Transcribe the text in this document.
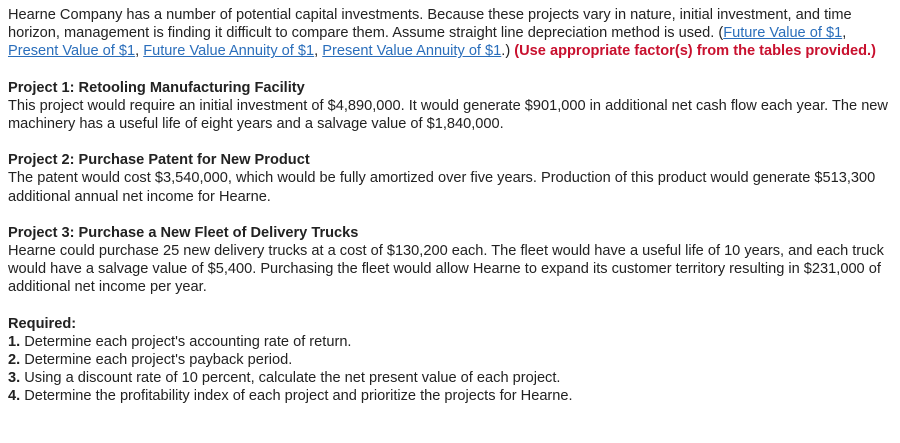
Hearne Company has a number of potential capital investments. Because these projects vary in nature, initial investment, and time horizon, management is finding it difficult to compare them. Assume straight line depreciation method is used. (Future Value of $1, Present Value of $1, Future Value Annuity of $1, Present Value Annuity of $1.) (Use appropriate factor(s) from the tables provided.)

Project 1: Retooling Manufacturing Facility

This project would require an initial investment of $4,890,000. It would generate $901,000 in additional net cash flow each year. The new machinery has a useful life of eight years and a salvage value of $1,840,000.

Project 2: Purchase Patent for New Product

The patent would cost $3,540,000, which would be fully amortized over five years. Production of this product would generate $513,300 additional annual net income for Hearne.

Project 3: Purchase a New Fleet of Delivery Trucks

Hearne could purchase 25 new delivery trucks at a cost of $130,200 each. The fleet would have a useful life of 10 years, and each truck would have a salvage value of $5,400. Purchasing the fleet would allow Hearne to expand its customer territory resulting in $231,000 of additional net income per year.

Required:

1. Determine each project's accounting rate of return.

2. Determine each project's payback period.

3. Using a discount rate of 10 percent, calculate the net present value of each project.

4. Determine the profitability index of each project and prioritize the projects for Hearne.
